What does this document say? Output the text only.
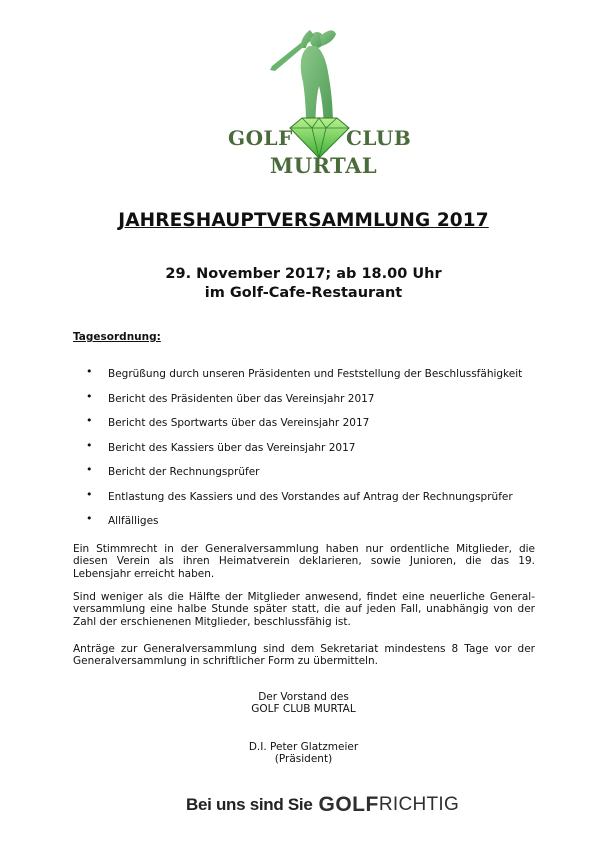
GOLF	CLUB
MURTAL
JAHRESHAUPTVERSAMMLUNG 2017
29. November 2017; ab 18.00 Uhr
im Golf-Cafe-Restaurant
Tagesordnung:
• Begrüßung durch unseren Präsidenten und Feststellung der Beschlussfähigkeit
• Bericht des Präsidenten über das Vereinsjahr 2017
• Bericht des Sportwarts über das Vereinsjahr 2017
• Bericht des Kassiers über das Vereinsjahr 2017
• Bericht der Rechnungsprüfer
• Entlastung des Kassiers und des Vorstandes auf Antrag der Rechnungsprüfer
• Allfälliges
Ein Stimmrecht in der Generalversammlung haben nur ordentliche Mitglieder, die diesen Verein als ihren Heimatverein deklarieren, sowie Junioren, die das 19. Lebensjahr erreicht haben.
Sind weniger als die Hälfte der Mitglieder anwesend, findet eine neuerliche General-versammlung eine halbe Stunde später statt, die auf jeden Fall, unabhängig von der Zahl der erschienenen Mitglieder, beschlussfähig ist.
Anträge zur Generalversammlung sind dem Sekretariat mindestens 8 Tage vor der Generalversammlung in schriftlicher Form zu übermitteln.
Der Vorstand des
GOLF CLUB MURTAL
D.I. Peter Glatzmeier
(Präsident)
Bei uns sind Sie GOLFRICHTIG
